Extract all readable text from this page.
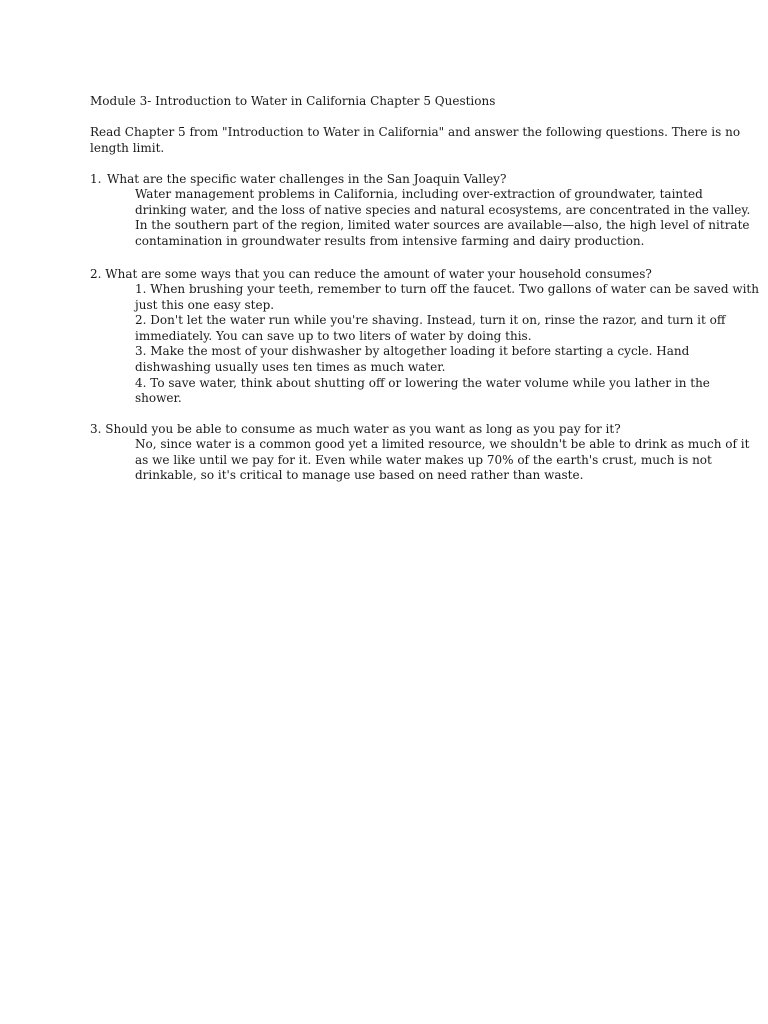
Module 3- Introduction to Water in California Chapter 5 Questions

Read Chapter 5 from "Introduction to Water in California" and answer the following questions. There is no
length limit.

1. What are the specific water challenges in the San Joaquin Valley?

Water management problems in California, including over-extraction of groundwater, tainted
drinking water, and the loss of native species and natural ecosystems, are concentrated in the valley.
In the southern part of the region, limited water sources are available—also, the high level of nitrate
contamination in groundwater results from intensive farming and dairy production.

2. What are some ways that you can reduce the amount of water your household consumes?

1. When brushing your teeth, remember to turn off the faucet. Two gallons of water can be saved with
just this one easy step.
2. Don't let the water run while you're shaving. Instead, turn it on, rinse the razor, and turn it off
immediately. You can save up to two liters of water by doing this.
3. Make the most of your dishwasher by altogether loading it before starting a cycle. Hand
dishwashing usually uses ten times as much water.
4. To save water, think about shutting off or lowering the water volume while you lather in the
shower.

3. Should you be able to consume as much water as you want as long as you pay for it?

No, since water is a common good yet a limited resource, we shouldn't be able to drink as much of it
as we like until we pay for it. Even while water makes up 70% of the earth's crust, much is not
drinkable, so it's critical to manage use based on need rather than waste.
